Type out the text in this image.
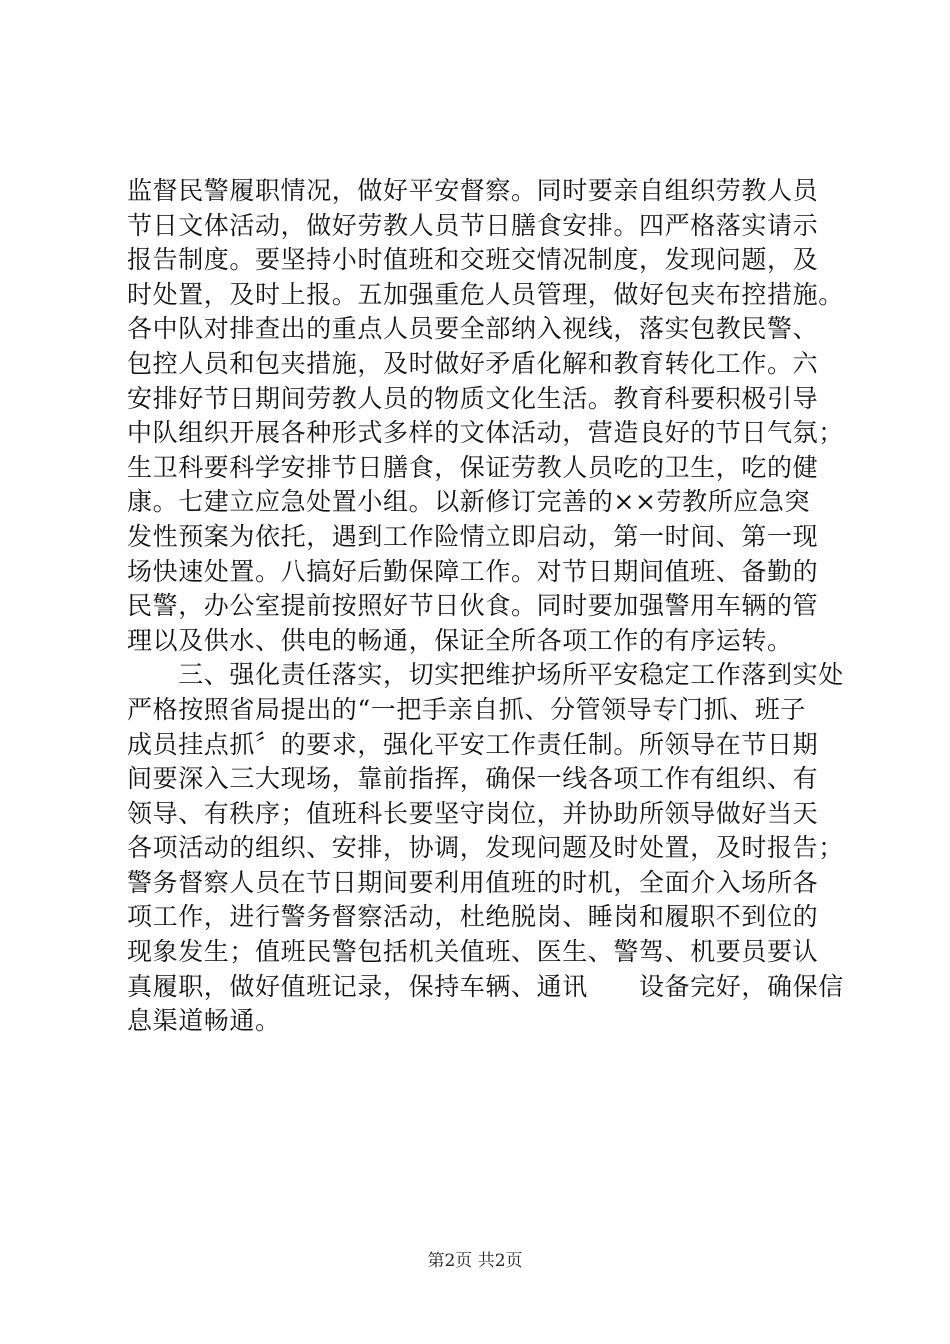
监督民警履职情况，做好平安督察。同时要亲自组织劳教人员
节日文体活动，做好劳教人员节日膳食安排。四严格落实请示
报告制度。要坚持小时值班和交班交情况制度，发现问题，及
时处置，及时上报。五加强重危人员管理，做好包夹布控措施。
各中队对排查出的重点人员要全部纳入视线，落实包教民警、
包控人员和包夹措施，及时做好矛盾化解和教育转化工作。六
安排好节日期间劳教人员的物质文化生活。教育科要积极引导
中队组织开展各种形式多样的文体活动，营造良好的节日气氛；
生卫科要科学安排节日膳食，保证劳教人员吃的卫生，吃的健
康。七建立应急处置小组。以新修订完善的××劳教所应急突
发性预案为依托，遇到工作险情立即启动，第一时间、第一现
场快速处置。八搞好后勤保障工作。对节日期间值班、备勤的
民警，办公室提前按照好节日伙食。同时要加强警用车辆的管
理以及供水、供电的畅通，保证全所各项工作的有序运转。
　　三、强化责任落实，切实把维护场所平安稳定工作落到实处
严格按照省局提出的“一把手亲自抓、分管领导专门抓、班子
成员挂点抓〞的要求，强化平安工作责任制。所领导在节日期
间要深入三大现场，靠前指挥，确保一线各项工作有组织、有
领导、有秩序；值班科长要坚守岗位，并协助所领导做好当天
各项活动的组织、安排，协调，发现问题及时处置，及时报告；
警务督察人员在节日期间要利用值班的时机，全面介入场所各
项工作，进行警务督察活动，杜绝脱岗、睡岗和履职不到位的
现象发生；值班民警包括机关值班、医生、警驾、机要员要认
真履职，做好值班记录，保持车辆、通讯　　设备完好，确保信
息渠道畅通。
第2页 共2页
